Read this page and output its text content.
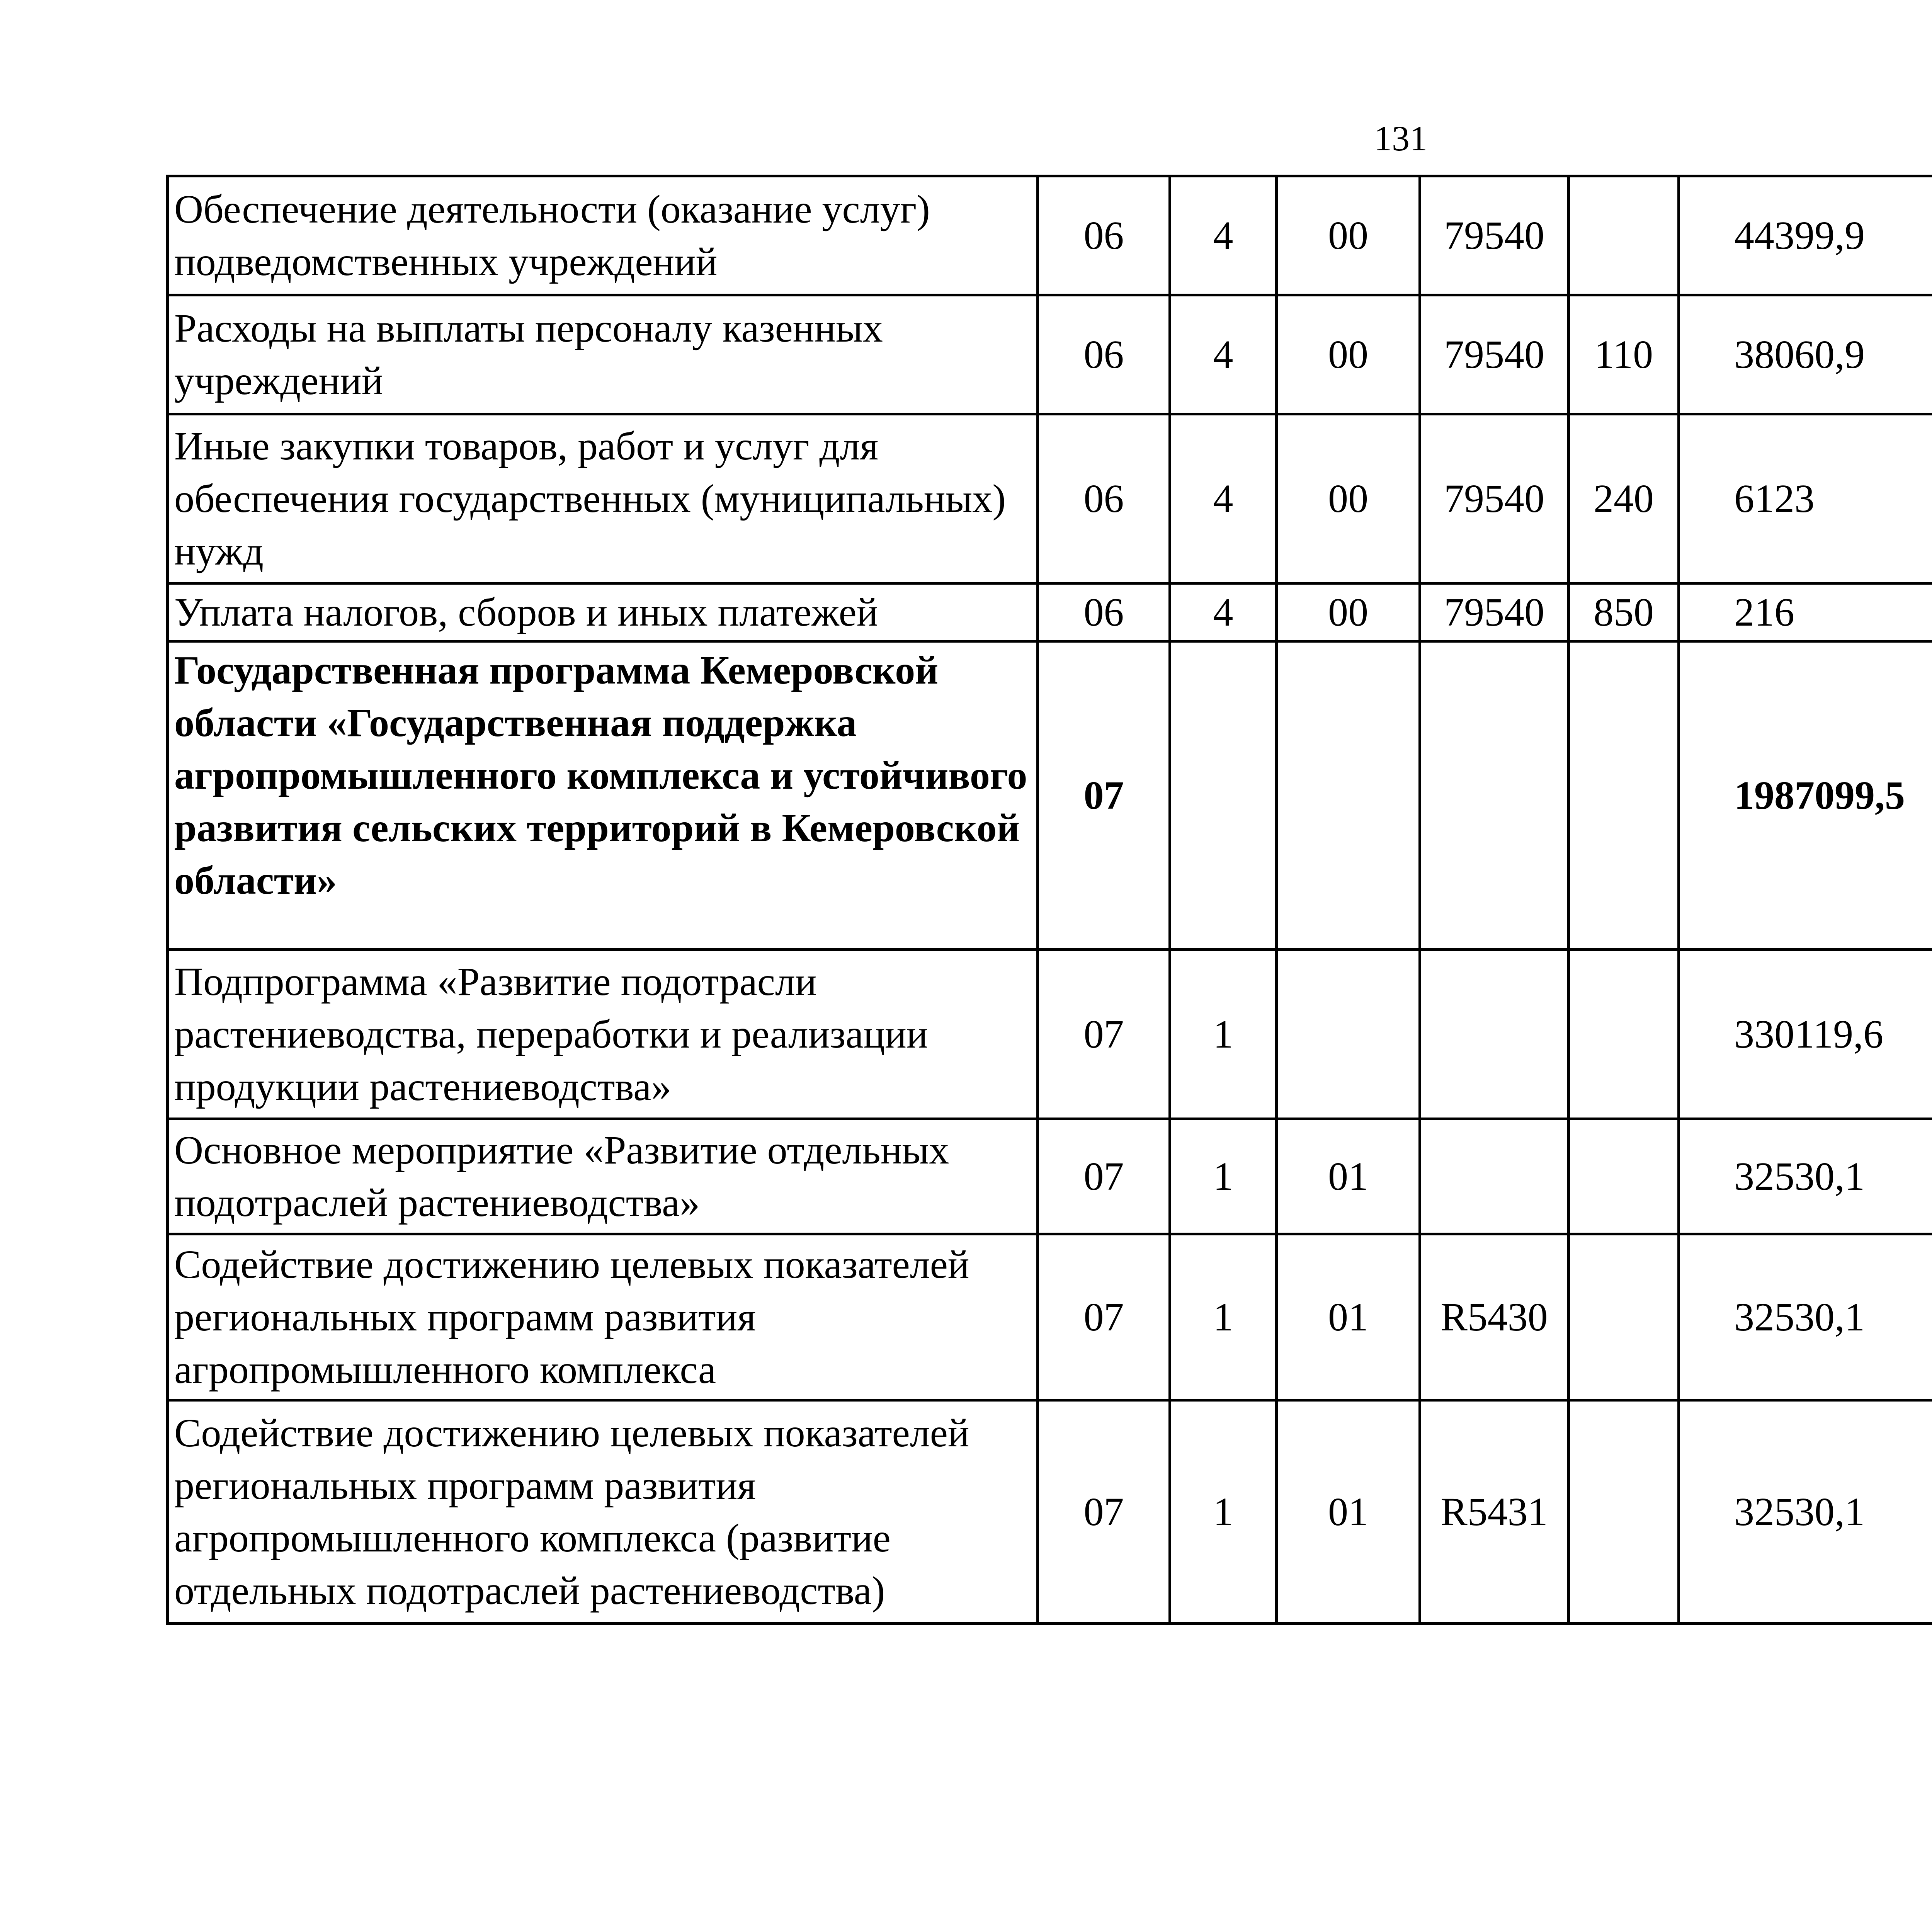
131
Обеспечение деятельности (оказание услуг) подведомственных учреждений	06	4	00	79540		44399,9		
Расходы на выплаты персоналу казенных учреждений	06	4	00	79540	110	38060,9		
Иные закупки товаров, работ и услуг для обеспечения государственных (муниципальных) нужд	06	4	00	79540	240	6123		
Уплата налогов, сборов и иных платежей	06	4	00	79540	850	216		
Государственная программа Кемеровской области «Государственная поддержка агропромышленного комплекса и устойчивого развития сельских территорий в Кемеровской области»	07					1987099,5		
Подпрограмма «Развитие подотрасли растениеводства, переработки и реализации продукции растениеводства»	07	1				330119,6		
Основное мероприятие «Развитие отдельных подотраслей растениеводства»	07	1	01			32530,1		
Содействие достижению целевых показателей региональных программ развития агропромышленного комплекса	07	1	01	R5430		32530,1		
Содействие достижению целевых показателей региональных программ развития агропромышленного комплекса (развитие отдельных подотраслей растениеводства)	07	1	01	R5431		32530,1		
